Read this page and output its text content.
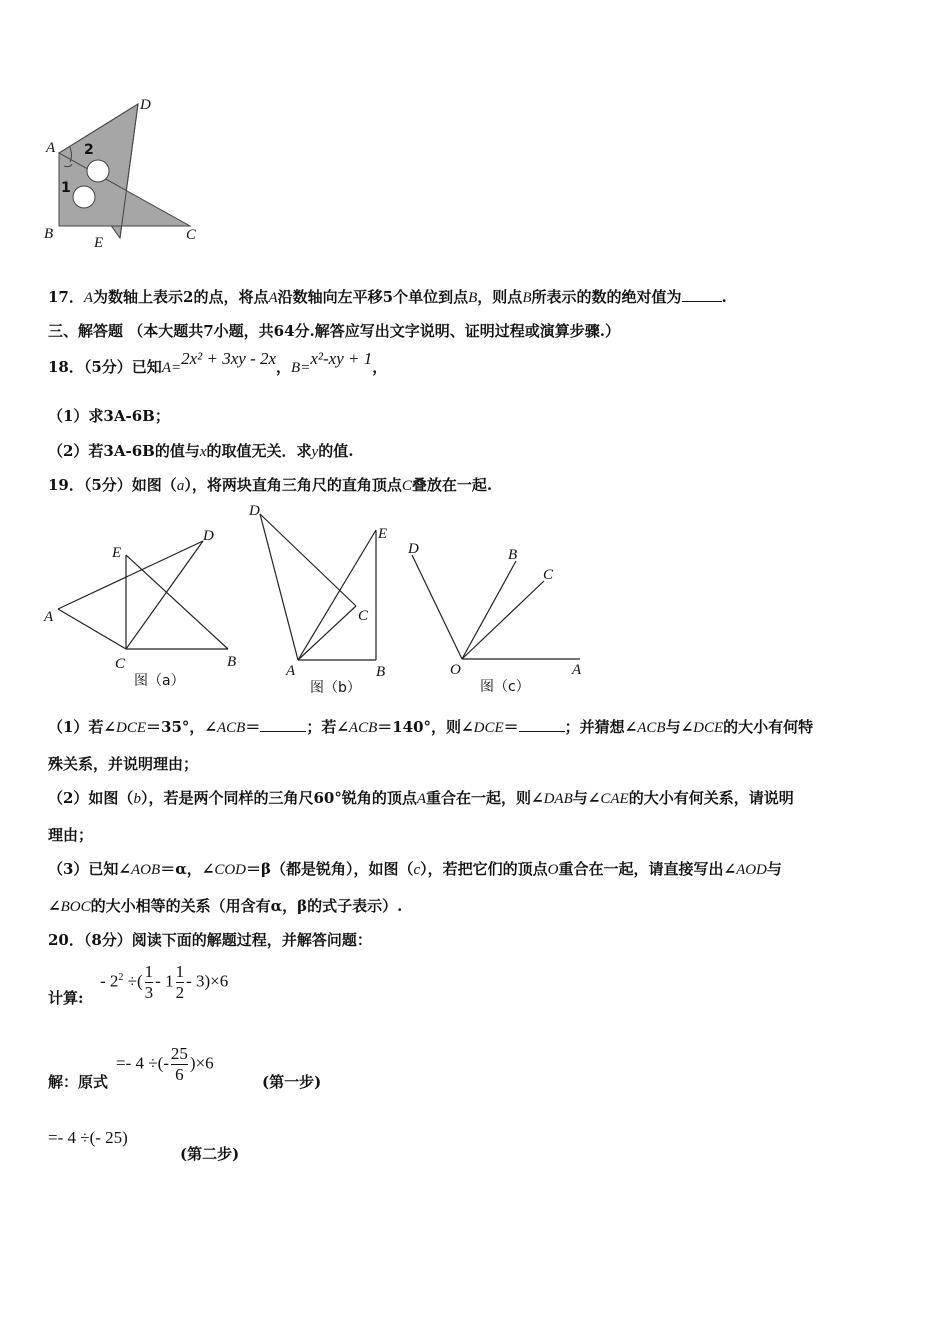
A
D
B
E	C
1
2
17．A为数轴上表示2的点，将点A沿数轴向左平移5个单位到点B，则点B所表示的数的绝对值为	.
三、解答题 （本大题共7小题，共64分.解答应写出文字说明、证明过程或演算步骤.）
18．（5分）已知A=2x² + 3xy - 2x，B=x²-xy + 1，
（1）求3A-6B；
（2）若3A-6B的值与x的取值无关．求y的值.
19．（5分）如图（a），将两块直角三角尺的直角顶点C叠放在一起.
A
E
D
C	B
图（a）
D
E
C
A	B
图（b）
D	B
C
O	A
图（c）
（1）若∠DCE＝35°，∠ACB＝	；若∠ACB＝140°，则∠DCE＝	；并猜想∠ACB与∠DCE的大小有何特
殊关系，并说明理由；
（2）如图（b），若是两个同样的三角尺60°锐角的顶点A重合在一起，则∠DAB与∠CAE的大小有何关系，请说明
理由；
（3）已知∠AOB＝α，∠COD＝β（都是锐角），如图（c），若把它们的顶点O重合在一起，请直接写出∠AOD与
∠BOC的大小相等的关系（用含有α，β的式子表示）.
20．（8分）阅读下面的解题过程，并解答问题：
计算:
- $2^2$ ÷( $\frac{1}{3} - 1 \frac{1}{2} - 3)\times 6$
解：原式
=- 4 ÷(- $\frac{25}{6} )\times 6$
(第一步)
=- 4 ÷(- 25)
(第二步)
